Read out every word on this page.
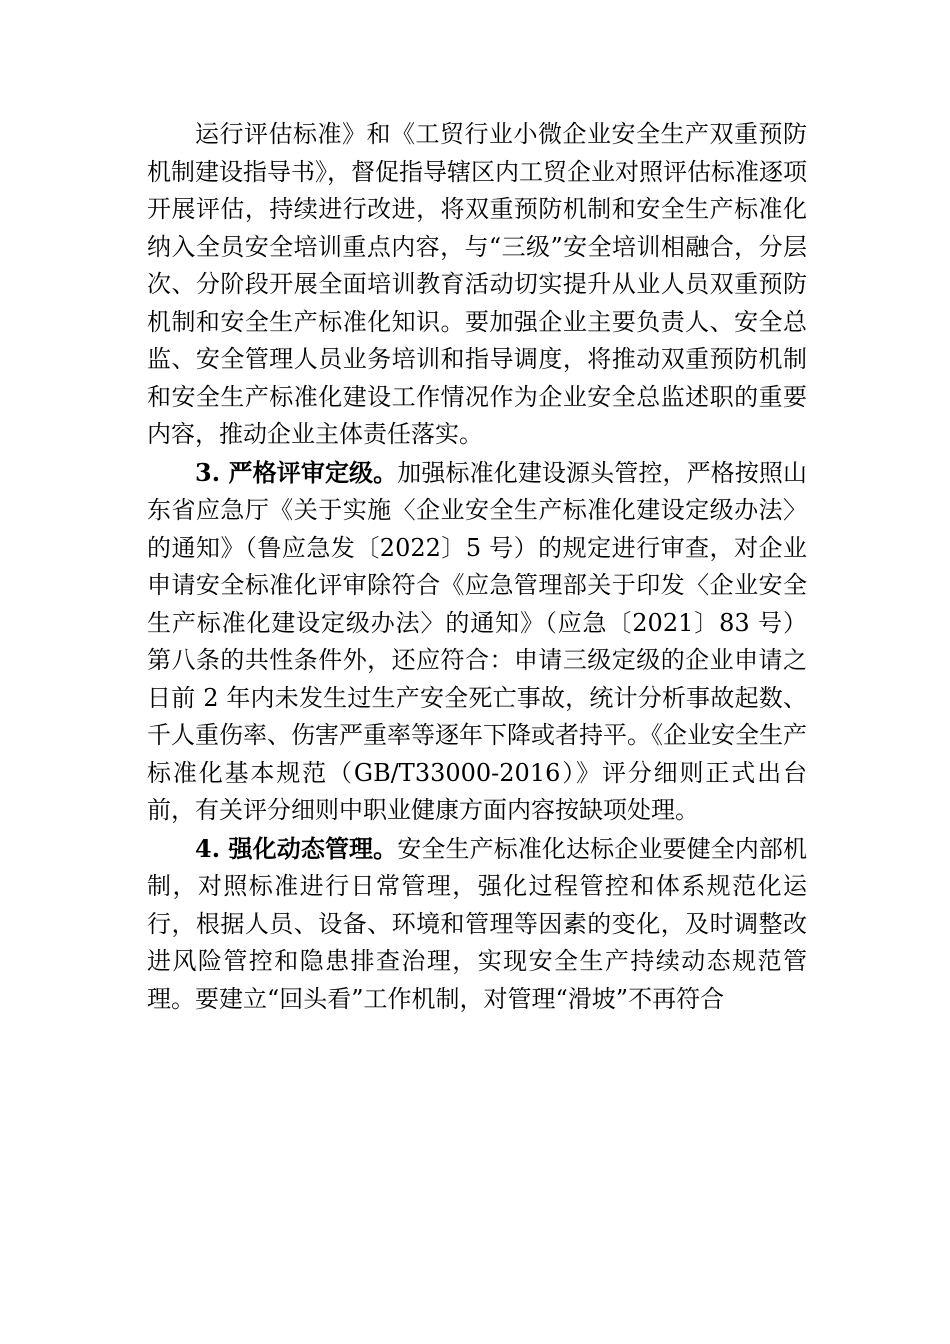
运行评估标准》和《工贸行业小微企业安全生产双重预防机制建设指导书》，督促指导辖区内工贸企业对照评估标准逐项开展评估，持续进行改进，将双重预防机制和安全生产标准化纳入全员安全培训重点内容，与“三级”安全培训相融合，分层次、分阶段开展全面培训教育活动切实提升从业人员双重预防机制和安全生产标准化知识。要加强企业主要负责人、安全总监、安全管理人员业务培训和指导调度，将推动双重预防机制和安全生产标准化建设工作情况作为企业安全总监述职的重要内容，推动企业主体责任落实。

3. 严格评审定级。加强标准化建设源头管控，严格按照山东省应急厅《关于实施〈企业安全生产标准化建设定级办法〉的通知》（鲁应急发〔2022〕5 号）的规定进行审查，对企业申请安全标准化评审除符合《应急管理部关于印发〈企业安全生产标准化建设定级办法〉的通知》（应急〔2021〕83 号）第八条的共性条件外，还应符合：申请三级定级的企业申请之日前 2 年内未发生过生产安全死亡事故，统计分析事故起数、千人重伤率、伤害严重率等逐年下降或者持平。《企业安全生产标准化基本规范（GB/T33000-2016）》评分细则正式出台前，有关评分细则中职业健康方面内容按缺项处理。

4. 强化动态管理。安全生产标准化达标企业要健全内部机制，对照标准进行日常管理，强化过程管控和体系规范化运行，根据人员、设备、环境和管理等因素的变化，及时调整改进风险管控和隐患排查治理，实现安全生产持续动态规范管理。要建立“回头看”工作机制，对管理“滑坡”不再符合
